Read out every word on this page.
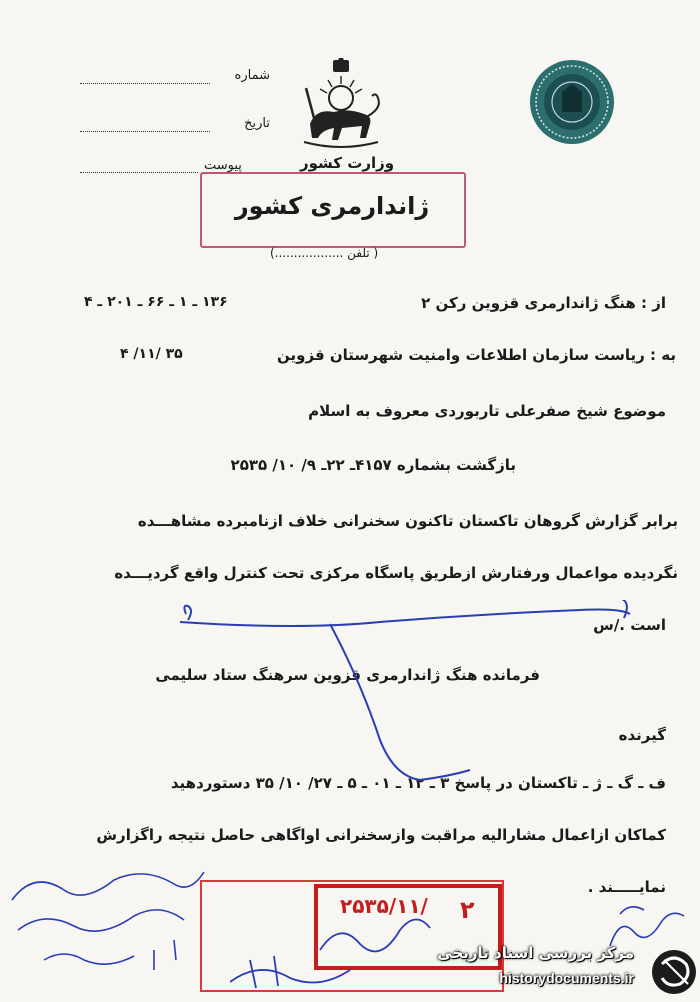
شماره
تاريخ
پيوست	وزارت کشور
ژاندارمری کشور
( تلفن ..................)
از : هنگ ژاندارمری قزوین رکن ۲
۱۳۶ ـ ۱ ـ ۶۶ ـ ۲۰۱ ـ ۴
به : ریاست سازمان اطلاعات وامنیت شهرستان قزوین
۴ /۱۱/ ۳۵
موضوع شیخ صفرعلی تاربوردی معروف به اسلام
بازگشت بشماره ۴۱۵۷ـ ۲۲ـ ۹/ ۱۰/ ۲۵۳۵
برابر گزارش گروهان تاکستان تاکنون سخنرانی خلاف ازنامبرده مشاهـــده
نگردیده مواعمال ورفتارش ازطریق پاسگاه مرکزی تحت کنترل واقع گردیـــده
است ./س
فرمانده هنگ ژاندارمری قزوین سرهنگ ستاد سلیمی
گیرنده
ف ـ گ ـ ژ ـ تاکستان در پاسخ ۳ ـ ۱۲ ـ ۰۱ ـ ۵ ـ ۲۷/ ۱۰/ ۳۵ دستوردهید
کماکان ازاعمال مشارالیه مراقبت وازسخنرانی اواگاهی حاصل نتیجه راگزارش
نمایـــــند .
۲۵۳۵/۱۱/ ۲
مرکز بررسی اسناد تاریخی
historydocuments.ir
